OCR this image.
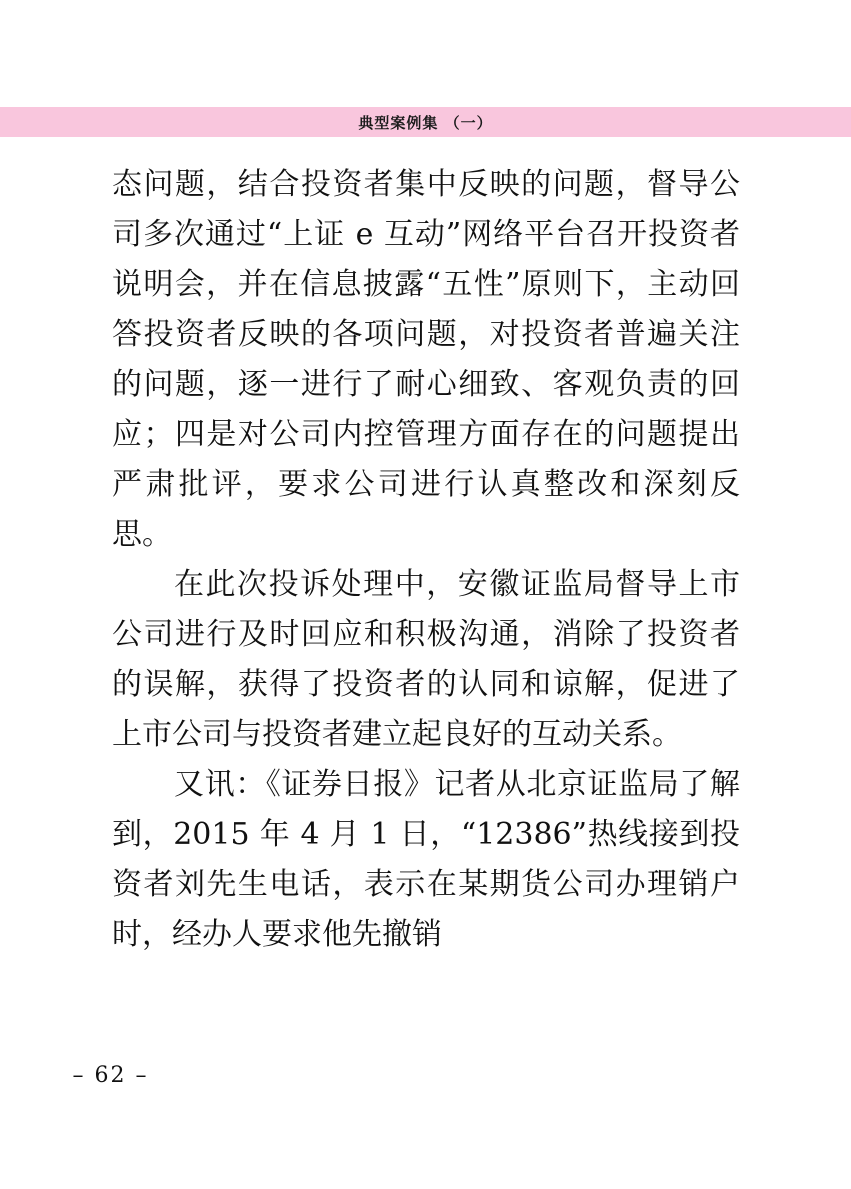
典型案例集 （一）

态问题，结合投资者集中反映的问题，督导公司多次通过“上证 e 互动”网络平台召开投资者说明会，并在信息披露“五性”原则下，主动回答投资者反映的各项问题，对投资者普遍关注的问题，逐一进行了耐心细致、客观负责的回应；四是对公司内控管理方面存在的问题提出严肃批评，要求公司进行认真整改和深刻反思。

在此次投诉处理中，安徽证监局督导上市公司进行及时回应和积极沟通，消除了投资者的误解，获得了投资者的认同和谅解，促进了上市公司与投资者建立起良好的互动关系。

又讯：《证券日报》记者从北京证监局了解到，2015 年 4 月 1 日，“12386”热线接到投资者刘先生电话，表示在某期货公司办理销户时，经办人要求他先撤销

– 62 –
